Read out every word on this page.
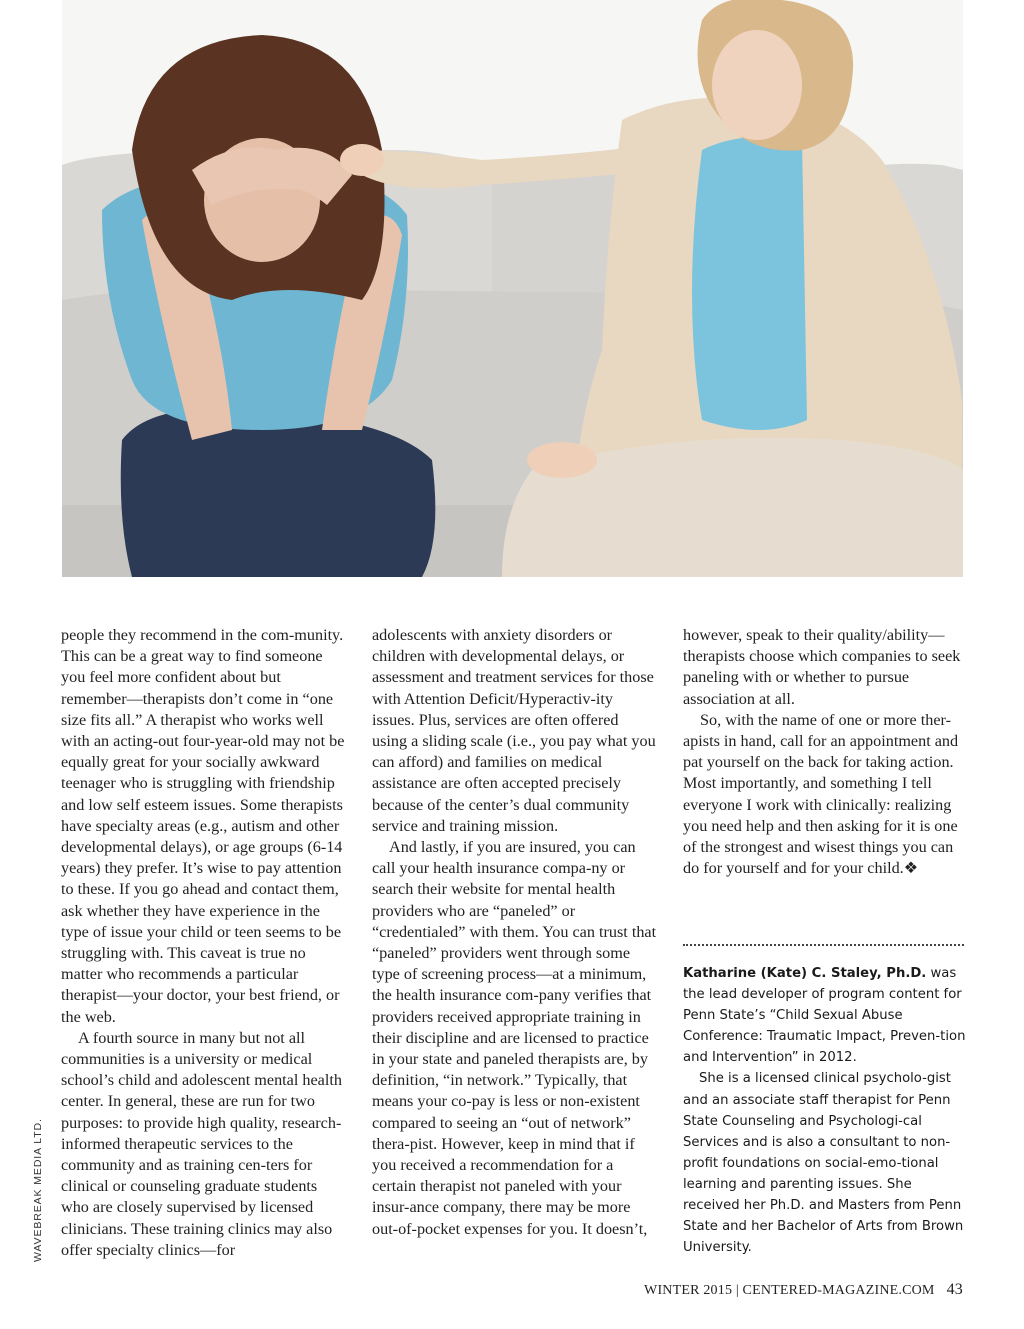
people they recommend in the com-munity. This can be a great way to find someone you feel more confident about but remember—therapists don’t come in “one size fits all.” A therapist who works well with an acting-out four-year-old may not be equally great for your socially awkward teenager who is struggling with friendship and low self esteem issues. Some therapists have specialty areas (e.g., autism and other developmental delays), or age groups (6-14 years) they prefer. It’s wise to pay attention to these. If you go ahead and contact them, ask whether they have experience in the type of issue your child or teen seems to be struggling with. This caveat is true no matter who recommends a particular therapist—your doctor, your best friend, or the web.

A fourth source in many but not all communities is a university or medical school’s child and adolescent mental health center. In general, these are run for two purposes: to provide high quality, research-informed therapeutic services to the community and as training cen-ters for clinical or counseling graduate students who are closely supervised by licensed clinicians. These training clinics may also offer specialty clinics—for

adolescents with anxiety disorders or children with developmental delays, or assessment and treatment services for those with Attention Deficit/Hyperactiv-ity issues. Plus, services are often offered using a sliding scale (i.e., you pay what you can afford) and families on medical assistance are often accepted precisely because of the center’s dual community service and training mission.

And lastly, if you are insured, you can call your health insurance compa-ny or search their website for mental health providers who are “paneled” or “credentialed” with them. You can trust that “paneled” providers went through some type of screening process—at a minimum, the health insurance com-pany verifies that providers received appropriate training in their discipline and are licensed to practice in your state and paneled therapists are, by definition, “in network.” Typically, that means your co-pay is less or non-existent compared to seeing an “out of network” thera-pist. However, keep in mind that if you received a recommendation for a certain therapist not paneled with your insur-ance company, there may be more out-of-pocket expenses for you. It doesn’t,

however, speak to their quality/ability—therapists choose which companies to seek paneling with or whether to pursue association at all.

So, with the name of one or more ther-apists in hand, call for an appointment and pat yourself on the back for taking action. Most importantly, and something I tell everyone I work with clinically: realizing you need help and then asking for it is one of the strongest and wisest things you can do for yourself and for your child.❖

Katharine (Kate) C. Staley, Ph.D. was the lead developer of program content for Penn State’s “Child Sexual Abuse Conference: Traumatic Impact, Preven-tion and Intervention” in 2012.

She is a licensed clinical psycholo-gist and an associate staff therapist for Penn State Counseling and Psychologi-cal Services and is also a consultant to non-profit foundations on social-emo-tional learning and parenting issues. She received her Ph.D. and Masters from Penn State and her Bachelor of Arts from Brown University.

WAVEBREAK MEDIA LTD.
WINTER 2015 | CENTERED-MAGAZINE.COM 43
